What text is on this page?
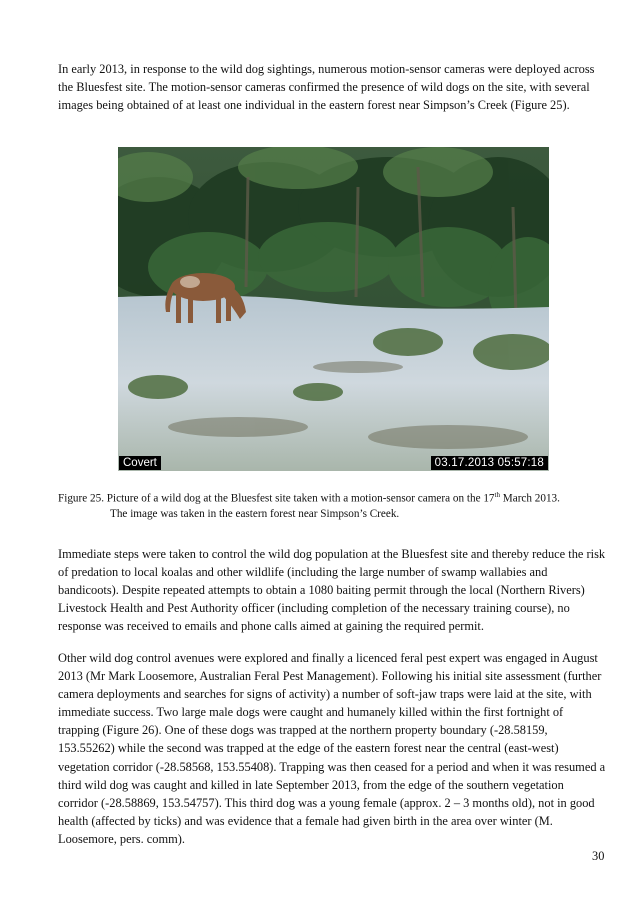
In early 2013, in response to the wild dog sightings, numerous motion-sensor cameras were deployed across the Bluesfest site. The motion-sensor cameras confirmed the presence of wild dogs on the site, with several images being obtained of at least one individual in the eastern forest near Simpson’s Creek (Figure 25).

Covert	03.17.2013 05:57:18

Figure 25. Picture of a wild dog at the Bluesfest site taken with a motion-sensor camera on the 17th March 2013.
The image was taken in the eastern forest near Simpson’s Creek.

Immediate steps were taken to control the wild dog population at the Bluesfest site and thereby reduce the risk of predation to local koalas and other wildlife (including the large number of swamp wallabies and bandicoots). Despite repeated attempts to obtain a 1080 baiting permit through the local (Northern Rivers) Livestock Health and Pest Authority officer (including completion of the necessary training course), no response was received to emails and phone calls aimed at gaining the required permit.

Other wild dog control avenues were explored and finally a licenced feral pest expert was engaged in August 2013 (Mr Mark Loosemore, Australian Feral Pest Management). Following his initial site assessment (further camera deployments and searches for signs of activity) a number of soft-jaw traps were laid at the site, with immediate success. Two large male dogs were caught and humanely killed within the first fortnight of trapping (Figure 26). One of these dogs was trapped at the northern property boundary (-28.58159, 153.55262) while the second was trapped at the edge of the eastern forest near the central (east-west) vegetation corridor (-28.58568, 153.55408). Trapping was then ceased for a period and when it was resumed a third wild dog was caught and killed in late September 2013, from the edge of the southern vegetation corridor (-28.58869, 153.54757). This third dog was a young female (approx. 2 – 3 months old), not in good health (affected by ticks) and was evidence that a female had given birth in the area over winter (M. Loosemore, pers. comm).

30
